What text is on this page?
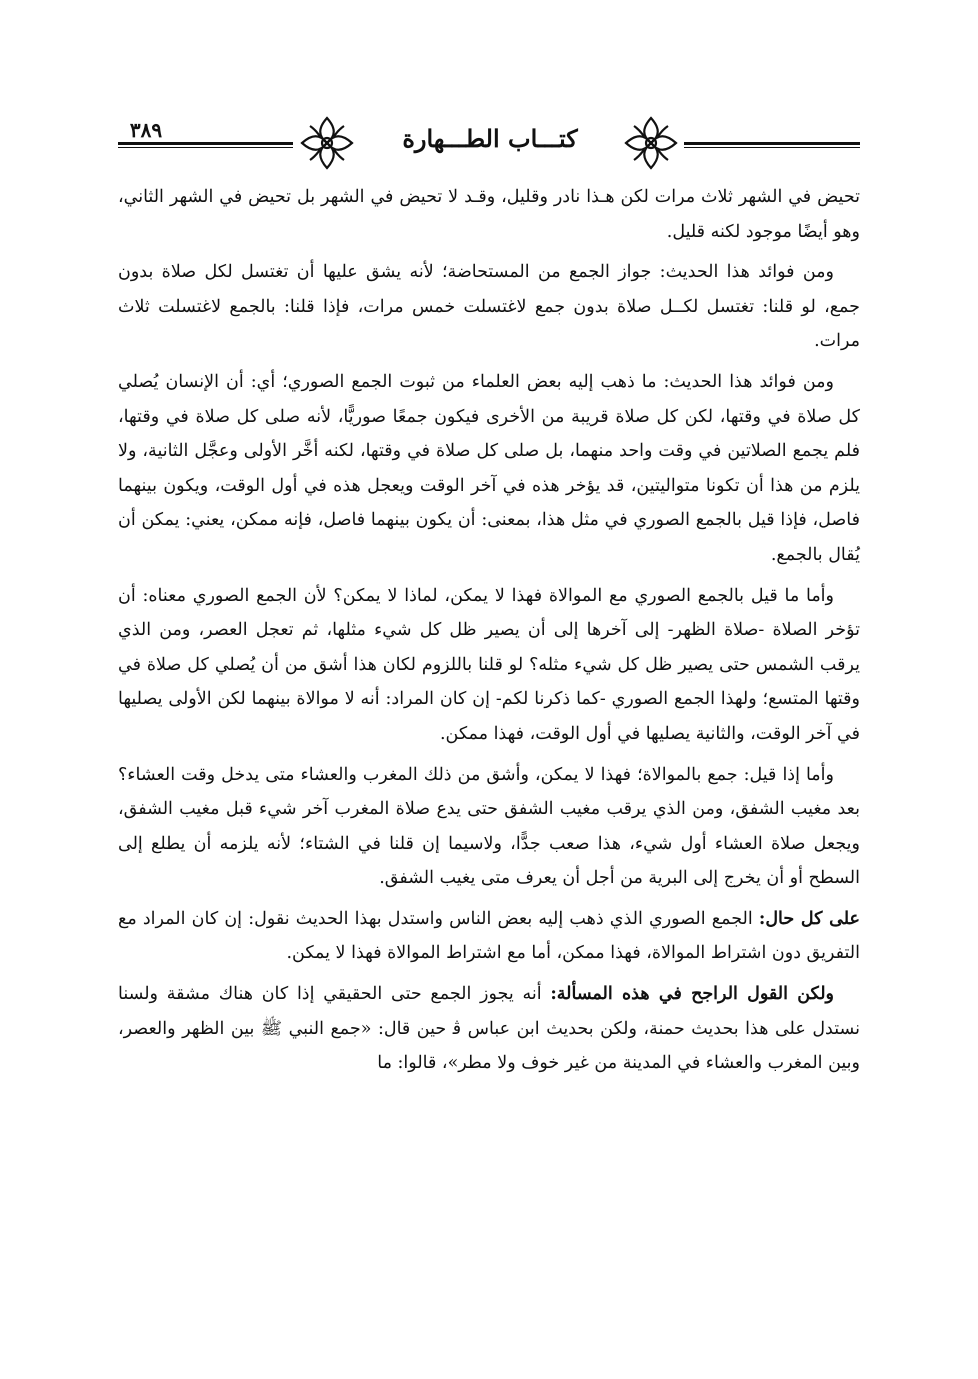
٣٨٩	كتـــاب الطـــهارة

تحيض في الشهر ثلاث مرات لكن هـذا نادر وقليل، وقـد لا تحيض في الشهر بل تحيض في الشهر الثاني، وهو أيضًا موجود لكنه قليل.

ومن فوائد هذا الحديث: جواز الجمع من المستحاضة؛ لأنه يشق عليها أن تغتسل لكل صلاة بدون جمع، لو قلنا: تغتسل لكــل صلاة بدون جمع لاغتسلت خمس مرات، فإذا قلنا: بالجمع لاغتسلت ثلاث مرات.

ومن فوائد هذا الحديث: ما ذهب إليه بعض العلماء من ثبوت الجمع الصوري؛ أي: أن الإنسان يُصلي كل صلاة في وقتها، لكن كل صلاة قريبة من الأخرى فيكون جمعًا صوريًّا، لأنه صلى كل صلاة في وقتها، فلم يجمع الصلاتين في وقت واحد منهما، بل صلى كل صلاة في وقتها، لكنه أخَّر الأولى وعجَّل الثانية، ولا يلزم من هذا أن تكونا متواليتين، قد يؤخر هذه في آخر الوقت ويعجل هذه في أول الوقت، ويكون بينهما فاصل، فإذا قيل بالجمع الصوري في مثل هذا، بمعنى: أن يكون بينهما فاصل، فإنه ممكن، يعني: يمكن أن يُقال بالجمع.

وأما ما قيل بالجمع الصوري مع الموالاة فهذا لا يمكن، لماذا لا يمكن؟ لأن الجمع الصوري معناه: أن تؤخر الصلاة -صلاة الظهر- إلى آخرها إلى أن يصير ظل كل شيء مثلها، ثم تعجل العصر، ومن الذي يرقب الشمس حتى يصير ظل كل شيء مثله؟ لو قلنا باللزوم لكان هذا أشق من أن يُصلي كل صلاة في وقتها المتسع؛ ولهذا الجمع الصوري -كما ذكرنا لكم- إن كان المراد: أنه لا موالاة بينهما لكن الأولى يصليها في آخر الوقت، والثانية يصليها في أول الوقت، فهذا ممكن.

وأما إذا قيل: جمع بالموالاة؛ فهذا لا يمكن، وأشق من ذلك المغرب والعشاء متى يدخل وقت العشاء؟ بعد مغيب الشفق، ومن الذي يرقب مغيب الشفق حتى يدع صلاة المغرب آخر شيء قبل مغيب الشفق، ويجعل صلاة العشاء أول شيء، هذا صعب جدًّا، ولاسيما إن قلنا في الشتاء؛ لأنه يلزمه أن يطلع إلى السطح أو أن يخرج إلى البرية من أجل أن يعرف متى يغيب الشفق.

على كل حال: الجمع الصوري الذي ذهب إليه بعض الناس واستدل بهذا الحديث نقول: إن كان المراد مع التفريق دون اشتراط الموالاة، فهذا ممكن، أما مع اشتراط الموالاة فهذا لا يمكن.

ولكن القول الراجح في هذه المسألة: أنه يجوز الجمع حتى الحقيقي إذا كان هناك مشقة ولسنا نستدل على هذا بحديث حمنة، ولكن بحديث ابن عباس ﭬ حين قال: «جمع النبي ﷺ بين الظهر والعصر، وبين المغرب والعشاء في المدينة من غير خوف ولا مطر»، قالوا: ما
